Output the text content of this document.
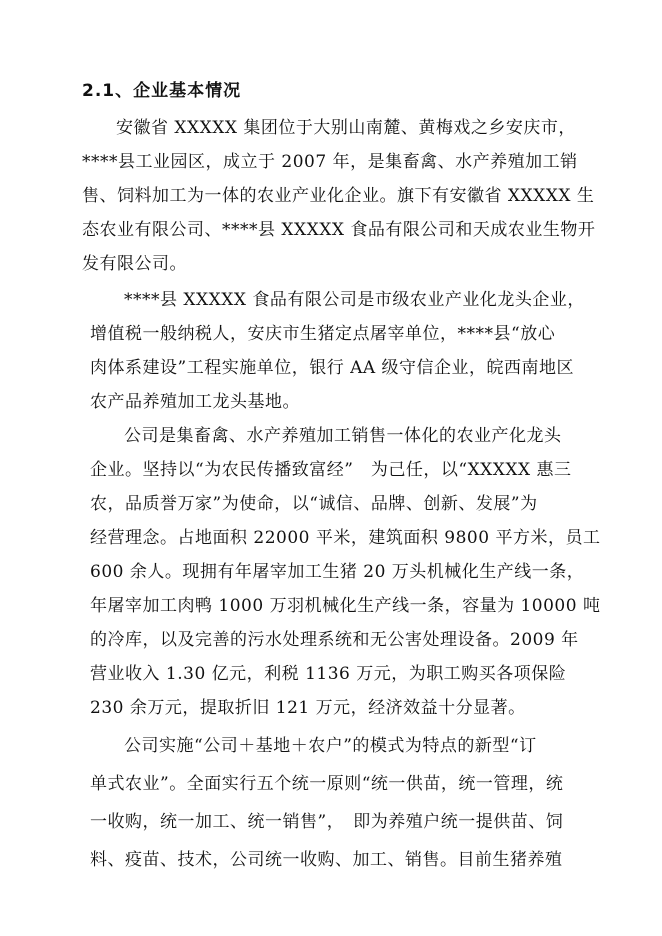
2.1、企业基本情况
安徽省 XXXXX 集团位于大别山南麓、黄梅戏之乡安庆市，
****县工业园区，成立于 2007 年，是集畜禽、水产养殖加工销
售、饲料加工为一体的农业产业化企业。旗下有安徽省 XXXXX 生
态农业有限公司、****县 XXXXX 食品有限公司和天成农业生物开
发有限公司。
****县 XXXXX 食品有限公司是市级农业产业化龙头企业，
增值税一般纳税人，安庆市生猪定点屠宰单位，****县“放心
肉体系建设”工程实施单位，银行 AA 级守信企业，皖西南地区
农产品养殖加工龙头基地。
公司是集畜禽、水产养殖加工销售一体化的农业产化龙头
企业。坚持以“为农民传播致富经”　为己任，以“XXXXX 惠三
农，品质誉万家”为使命，以“诚信、品牌、创新、发展”为
经营理念。占地面积 22000 平米，建筑面积 9800 平方米，员工
600 余人。现拥有年屠宰加工生猪 20 万头机械化生产线一条，
年屠宰加工肉鸭 1000 万羽机械化生产线一条，容量为 10000 吨
的冷库，以及完善的污水处理系统和无公害处理设备。2009 年
营业收入 1.30 亿元，利税 1136 万元，为职工购买各项保险
230 余万元，提取折旧 121 万元，经济效益十分显著。
公司实施“公司＋基地＋农户”的模式为特点的新型“订
单式农业”。全面实行五个统一原则“统一供苗，统一管理，统
一收购，统一加工、统一销售”，　即为养殖户统一提供苗、饲
料、疫苗、技术，公司统一收购、加工、销售。目前生猪养殖
